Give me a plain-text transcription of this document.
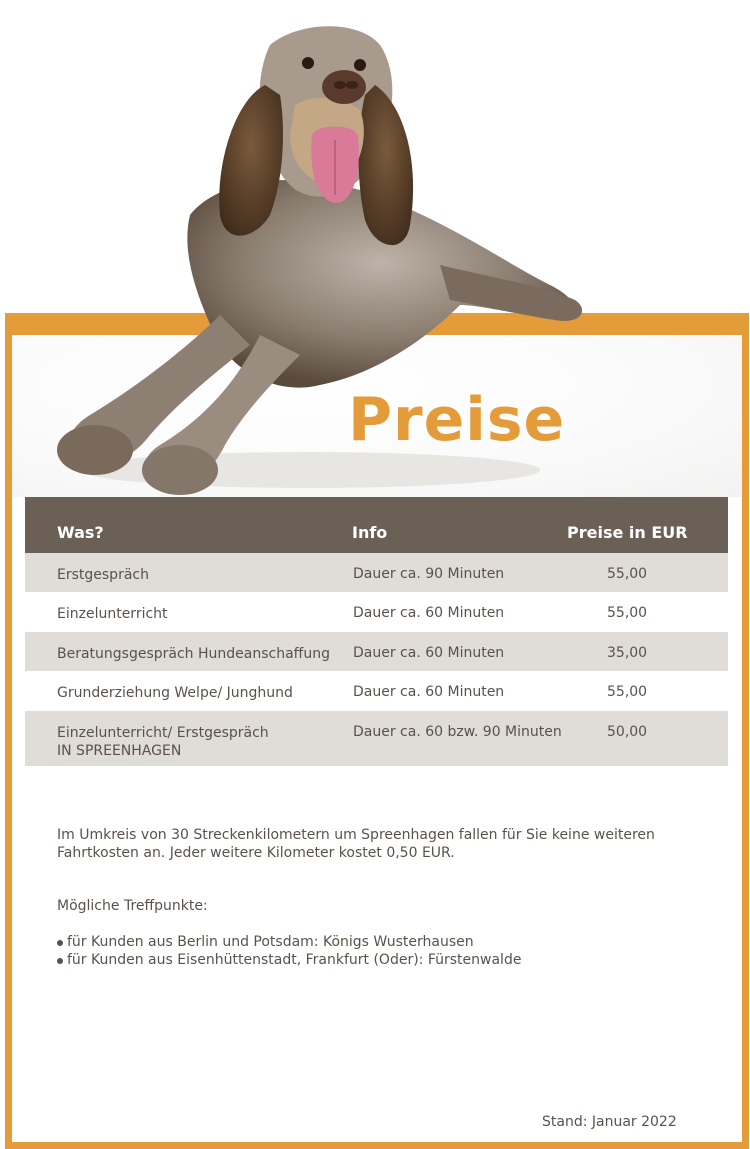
Preise
Was?	Info	Preise in EUR
Erstgespräch	Dauer ca. 90 Minuten	55,00
Einzelunterricht	Dauer ca. 60 Minuten	55,00
Beratungsgespräch Hundeanschaffung	Dauer ca. 60 Minuten	35,00
Grunderziehung Welpe/ Junghund	Dauer ca. 60 Minuten	55,00
Einzelunterricht/ Erstgespräch
IN SPREENHAGEN
Dauer ca. 60 bzw. 90 Minuten	50,00

Im Umkreis von 30 Streckenkilometern um Spreenhagen fallen für Sie keine weiteren Fahrtkosten an. Jeder weitere Kilometer kostet 0,50 EUR.

Mögliche Treffpunkte:

für Kunden aus Berlin und Potsdam: Königs Wusterhausen
für Kunden aus Eisenhüttenstadt, Frankfurt (Oder): Fürstenwalde

Stand: Januar 2022
